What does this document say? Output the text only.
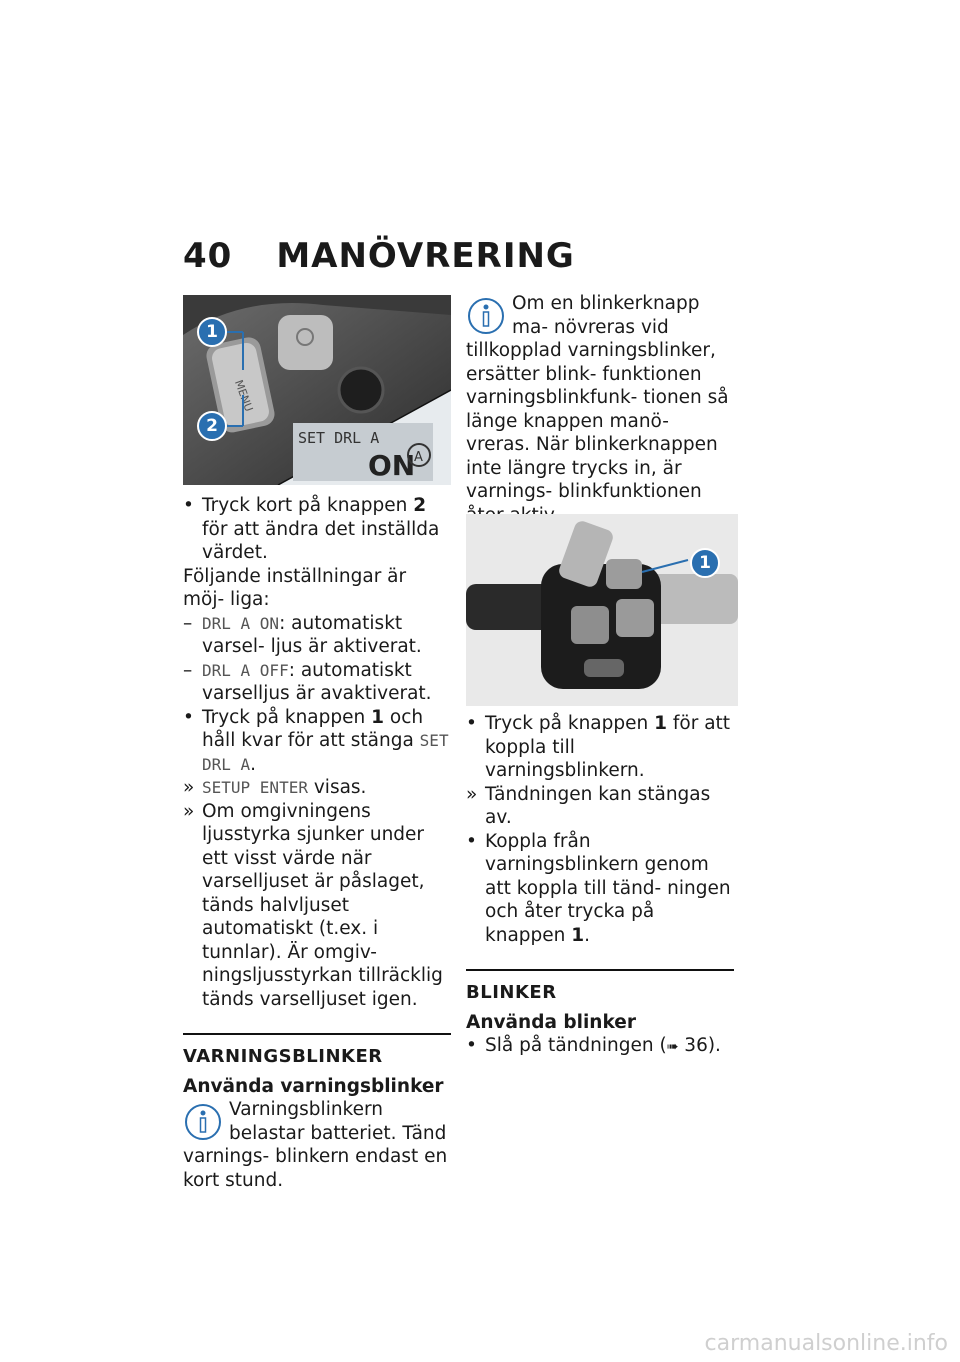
40 MANÖVRERING
SET DRL A
ON
A
1
2
• Tryck kort på knappen 2 för att ändra det inställda värdet.

Följande inställningar är möj- liga:

– DRL A ON: automatiskt varsel- ljus är aktiverat.
– DRL A OFF: automatiskt varselljus är avaktiverat.
• Tryck på knappen 1 och håll kvar för att stänga SET DRL A.
» SETUP ENTER visas.
» Om omgivningens ljusstyrka sjunker under ett visst värde när varselljuset är påslaget, tänds halvljuset automatiskt (t.ex. i tunnlar). Är omgiv- ningsljusstyrkan tillräcklig tänds varselljuset igen.
VARNINGSBLINKER
Använda varningsblinker
Varningsblinkern belastar batteriet. Tänd varnings- blinkern endast en kort stund.
Om en blinkerknapp ma- növreras vid tillkopplad varningsblinker, ersätter blink- funktionen varningsblinkfunk- tionen så länge knappen manö- vreras. När blinkerknappen inte längre trycks in, är varnings- blinkfunktionen
1
• Tryck på knappen 1 för att koppla till varningsblinkern.
» Tändningen kan stängas av.
• Koppla från varningsblinkern genom att koppla till tänd- ningen och åter trycka på knappen 1.
BLINKER
Använda blinker
• Slå på tändningen (➠ 36).
carmanualsonline.info
